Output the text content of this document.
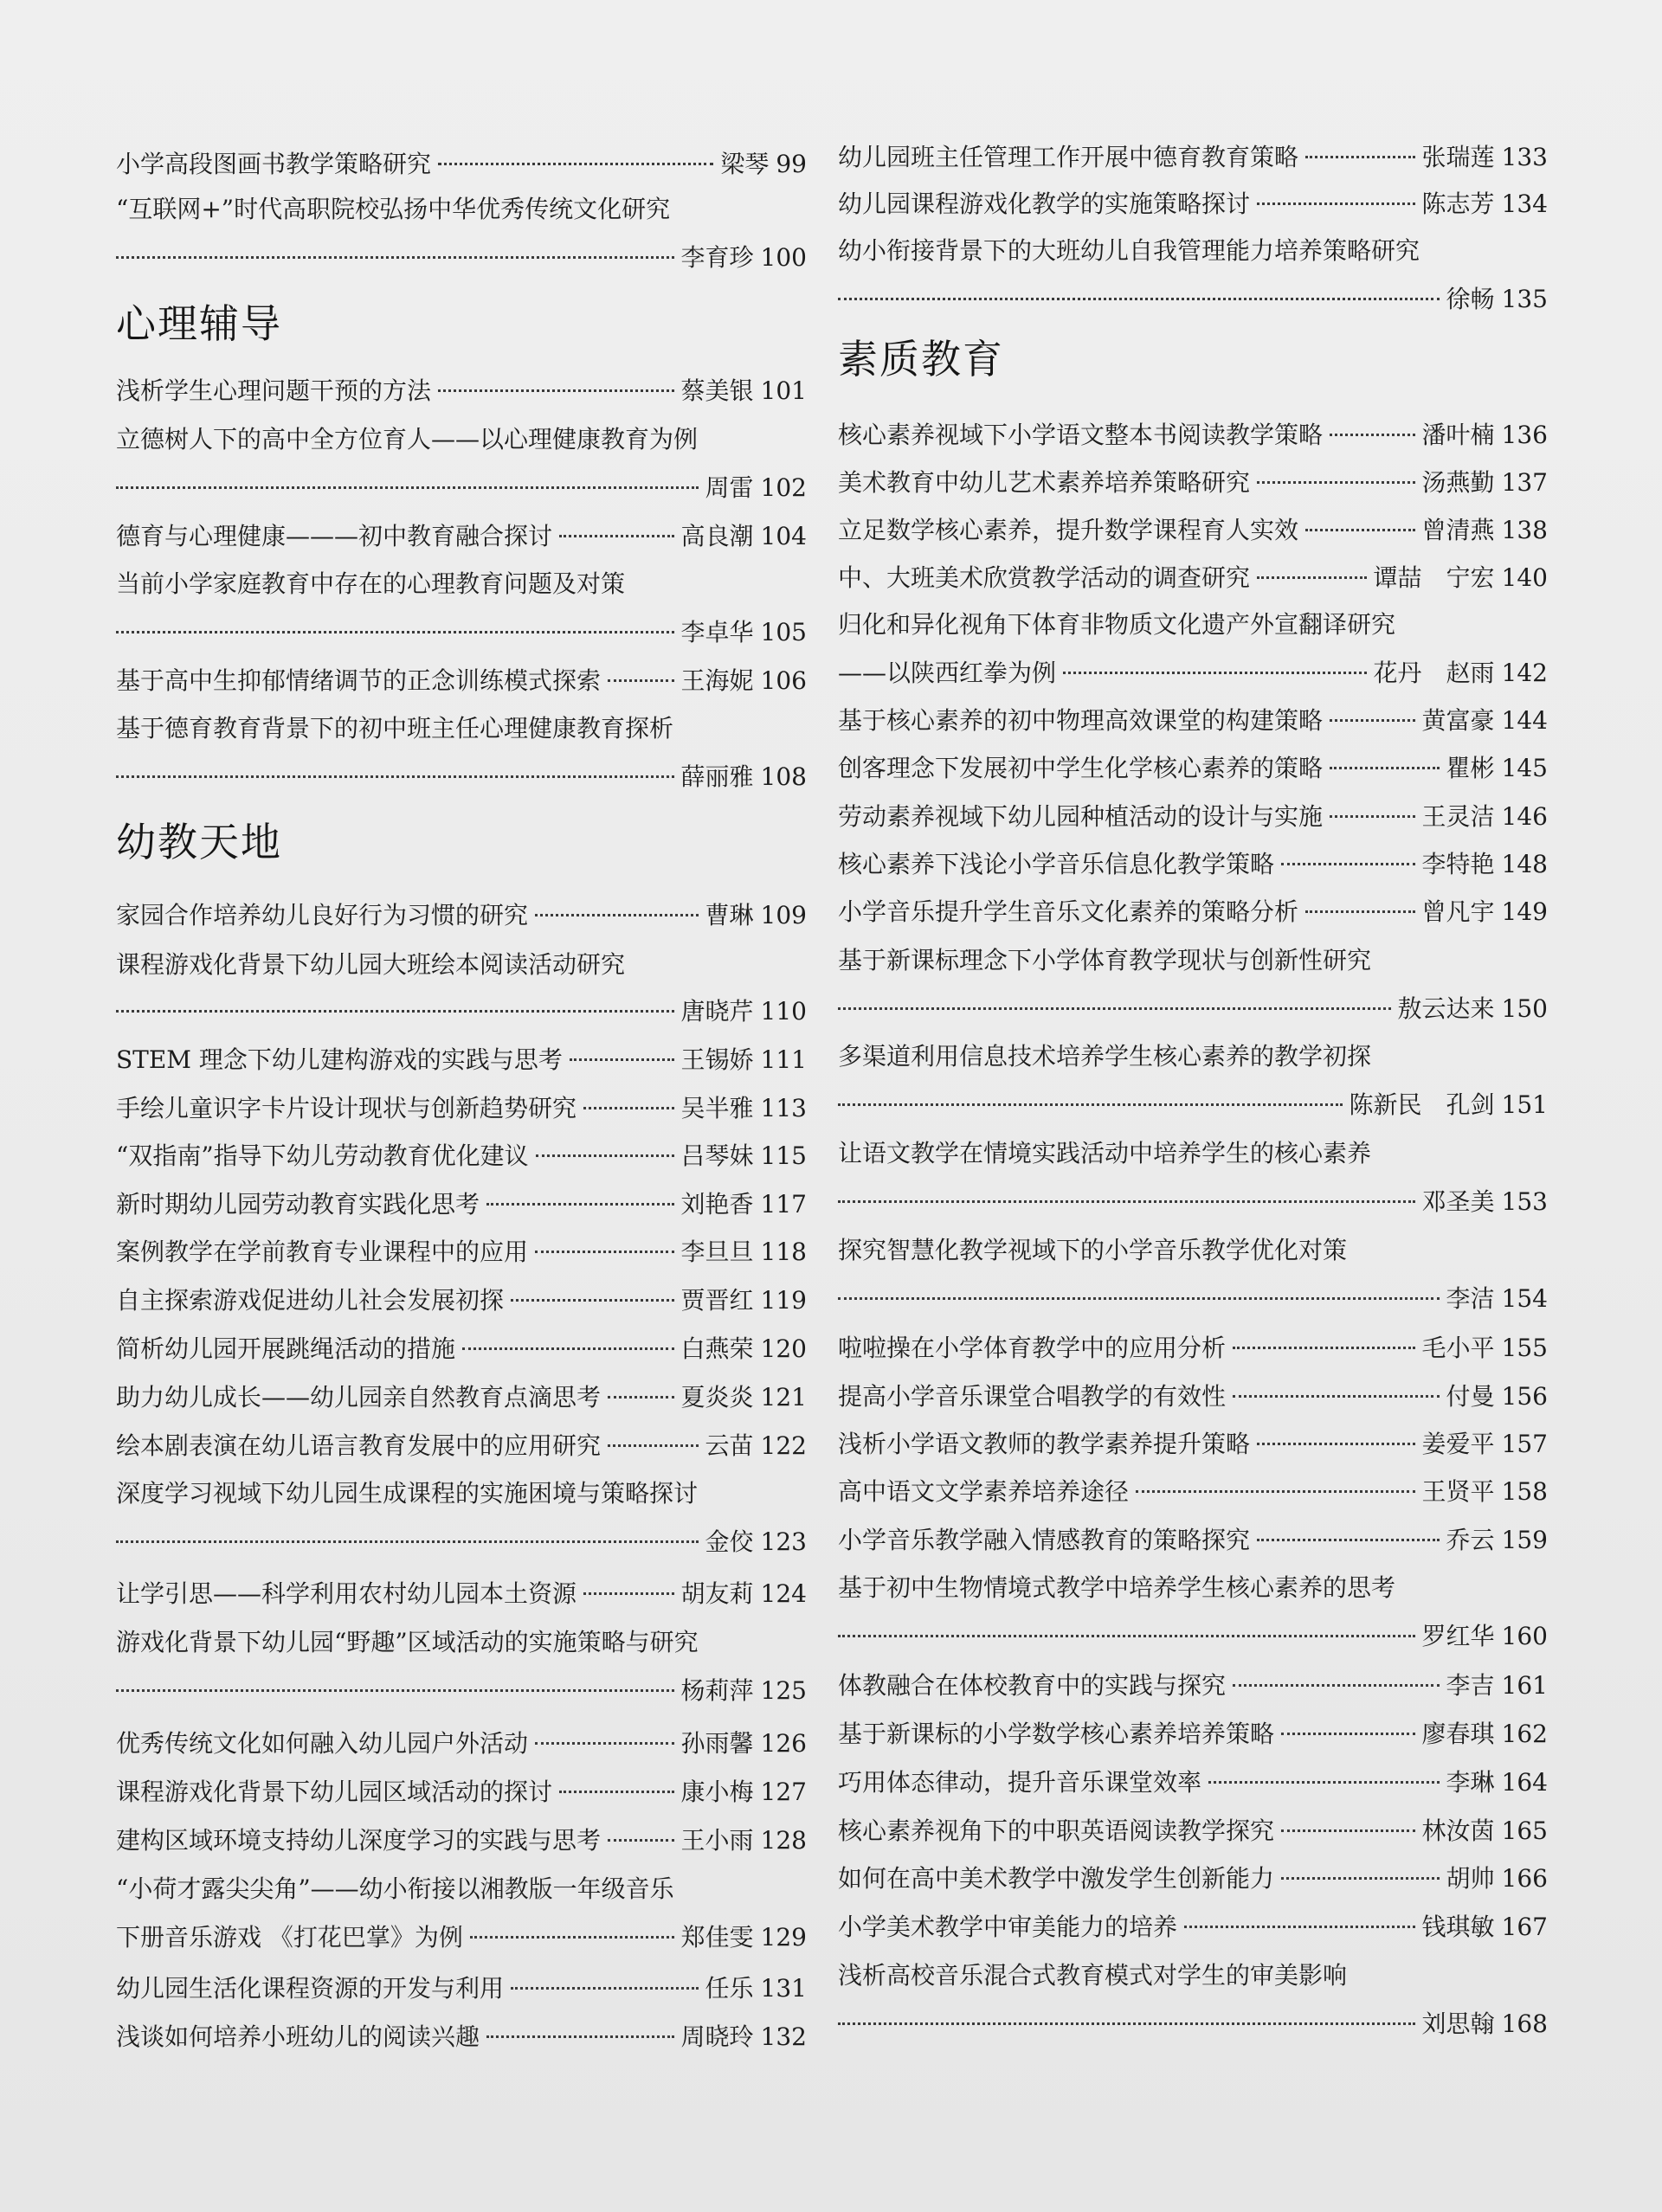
小学高段图画书教学策略研究	梁琴 99
“互联网+”时代高职院校弘扬中华优秀传统文化研究
李育珍 100
心理辅导
浅析学生心理问题干预的方法	蔡美银 101
立德树人下的高中全方位育人——以心理健康教育为例
周雷 102
德育与心理健康———初中教育融合探讨	高良潮 104
当前小学家庭教育中存在的心理教育问题及对策
李卓华 105
基于高中生抑郁情绪调节的正念训练模式探索	王海妮 106
基于德育教育背景下的初中班主任心理健康教育探析
薛丽雅 108
幼教天地
家园合作培养幼儿良好行为习惯的研究	曹琳 109
课程游戏化背景下幼儿园大班绘本阅读活动研究
唐晓芹 110
STEM 理念下幼儿建构游戏的实践与思考	王锡娇 111
手绘儿童识字卡片设计现状与创新趋势研究	吴半雅 113
“双指南”指导下幼儿劳动教育优化建议	吕琴妹 115
新时期幼儿园劳动教育实践化思考	刘艳香 117
案例教学在学前教育专业课程中的应用	李旦旦 118
自主探索游戏促进幼儿社会发展初探	贾晋红 119
简析幼儿园开展跳绳活动的措施	白燕荣 120
助力幼儿成长——幼儿园亲自然教育点滴思考	夏炎炎 121
绘本剧表演在幼儿语言教育发展中的应用研究	云苗 122
深度学习视域下幼儿园生成课程的实施困境与策略探讨
金佼 123
让学引思——科学利用农村幼儿园本土资源	胡友莉 124
游戏化背景下幼儿园“野趣”区域活动的实施策略与研究
杨莉萍 125
优秀传统文化如何融入幼儿园户外活动	孙雨馨 126
课程游戏化背景下幼儿园区域活动的探讨	康小梅 127
建构区域环境支持幼儿深度学习的实践与思考	王小雨 128
“小荷才露尖尖角”——幼小衔接以湘教版一年级音乐
下册音乐游戏 《打花巴掌》为例	郑佳雯 129
幼儿园生活化课程资源的开发与利用	任乐 131
浅谈如何培养小班幼儿的阅读兴趣	周晓玲 132
幼儿园班主任管理工作开展中德育教育策略	张瑞莲 133
幼儿园课程游戏化教学的实施策略探讨	陈志芳 134
幼小衔接背景下的大班幼儿自我管理能力培养策略研究
徐畅 135
素质教育
核心素养视域下小学语文整本书阅读教学策略	潘叶楠 136
美术教育中幼儿艺术素养培养策略研究	汤燕勤 137
立足数学核心素养，提升数学课程育人实效	曾清燕 138
中、大班美术欣赏教学活动的调查研究	谭喆　宁宏 140
归化和异化视角下体育非物质文化遗产外宣翻译研究
——以陕西红拳为例	花丹　赵雨 142
基于核心素养的初中物理高效课堂的构建策略	黄富豪 144
创客理念下发展初中学生化学核心素养的策略	瞿彬 145
劳动素养视域下幼儿园种植活动的设计与实施	王灵洁 146
核心素养下浅论小学音乐信息化教学策略	李特艳 148
小学音乐提升学生音乐文化素养的策略分析	曾凡宇 149
基于新课标理念下小学体育教学现状与创新性研究
敖云达来 150
多渠道利用信息技术培养学生核心素养的教学初探
陈新民　孔剑 151
让语文教学在情境实践活动中培养学生的核心素养
邓圣美 153
探究智慧化教学视域下的小学音乐教学优化对策
李洁 154
啦啦操在小学体育教学中的应用分析	毛小平 155
提高小学音乐课堂合唱教学的有效性	付曼 156
浅析小学语文教师的教学素养提升策略	姜爱平 157
高中语文文学素养培养途径	王贤平 158
小学音乐教学融入情感教育的策略探究	乔云 159
基于初中生物情境式教学中培养学生核心素养的思考
罗红华 160
体教融合在体校教育中的实践与探究	李吉 161
基于新课标的小学数学核心素养培养策略	廖春琪 162
巧用体态律动，提升音乐课堂效率	李琳 164
核心素养视角下的中职英语阅读教学探究	林汝茵 165
如何在高中美术教学中激发学生创新能力	胡帅 166
小学美术教学中审美能力的培养	钱琪敏 167
浅析高校音乐混合式教育模式对学生的审美影响
刘思翰 168
